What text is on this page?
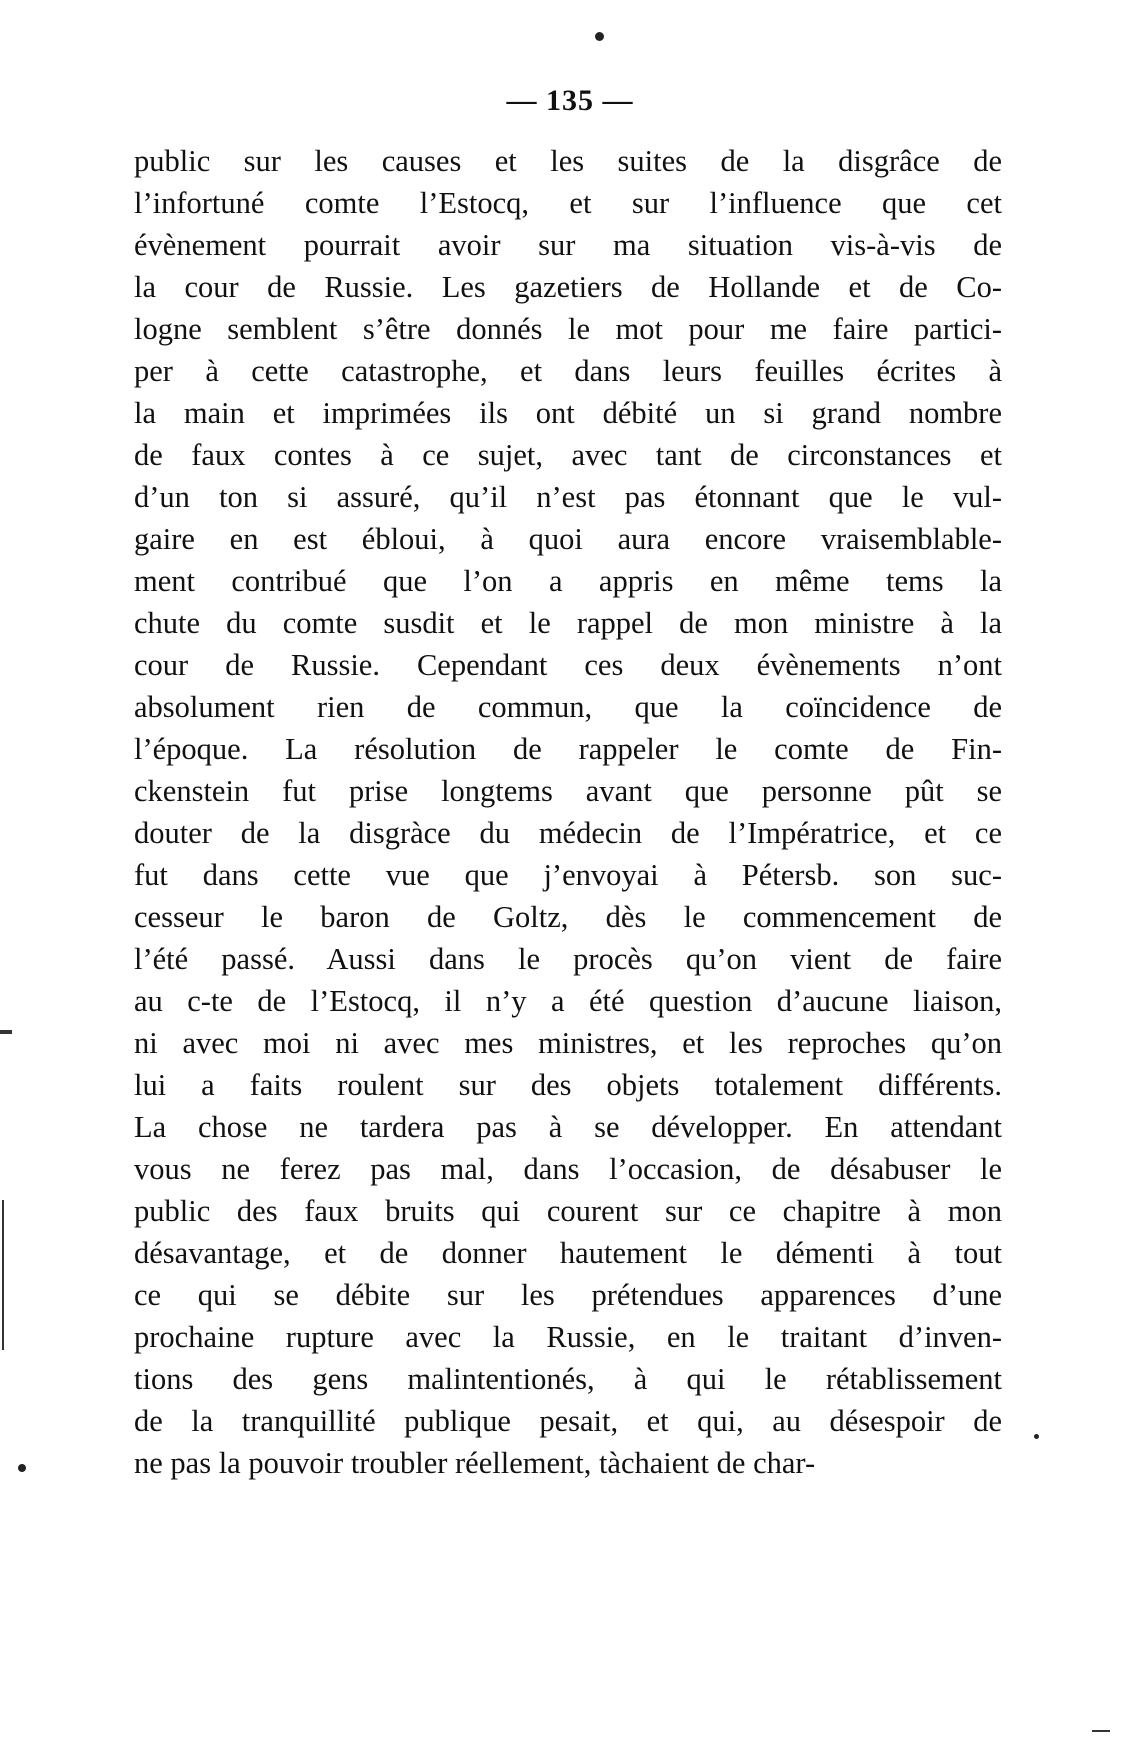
— 135 —
public sur les causes et les suites de la disgrâce de
l’infortuné comte l’Estocq, et sur l’influence que cet
évènement pourrait avoir sur ma situation vis-à-vis de
la cour de Russie. Les gazetiers de Hollande et de Co-
logne semblent s’être donnés le mot pour me faire partici-
per à cette catastrophe, et dans leurs feuilles écrites à
la main et imprimées ils ont débité un si grand nombre
de faux contes à ce sujet, avec tant de circonstances et
d’un ton si assuré, qu’il n’est pas étonnant que le vul-
gaire en est ébloui, à quoi aura encore vraisemblable-
ment contribué que l’on a appris en même tems la
chute du comte susdit et le rappel de mon ministre à la
cour de Russie. Cependant ces deux évènements n’ont
absolument rien de commun, que la coïncidence de
l’époque. La résolution de rappeler le comte de Fin-
ckenstein fut prise longtems avant que personne pût se
douter de la disgràce du médecin de l’Impératrice, et ce
fut dans cette vue que j’envoyai à Pétersb. son suc-
cesseur le baron de Goltz, dès le commencement de
l’été passé. Aussi dans le procès qu’on vient de faire
au c-te de l’Estocq, il n’y a été question d’aucune liaison,
ni avec moi ni avec mes ministres, et les reproches qu’on
lui a faits roulent sur des objets totalement différents.
La chose ne tardera pas à se développer. En attendant
vous ne ferez pas mal, dans l’occasion, de désabuser le
public des faux bruits qui courent sur ce chapitre à mon
désavantage, et de donner hautement le démenti à tout
ce qui se débite sur les prétendues apparences d’une
prochaine rupture avec la Russie, en le traitant d’inven-
tions des gens malintentionés, à qui le rétablissement
de la tranquillité publique pesait, et qui, au désespoir de
ne pas la pouvoir troubler réellement, tàchaient de char-
